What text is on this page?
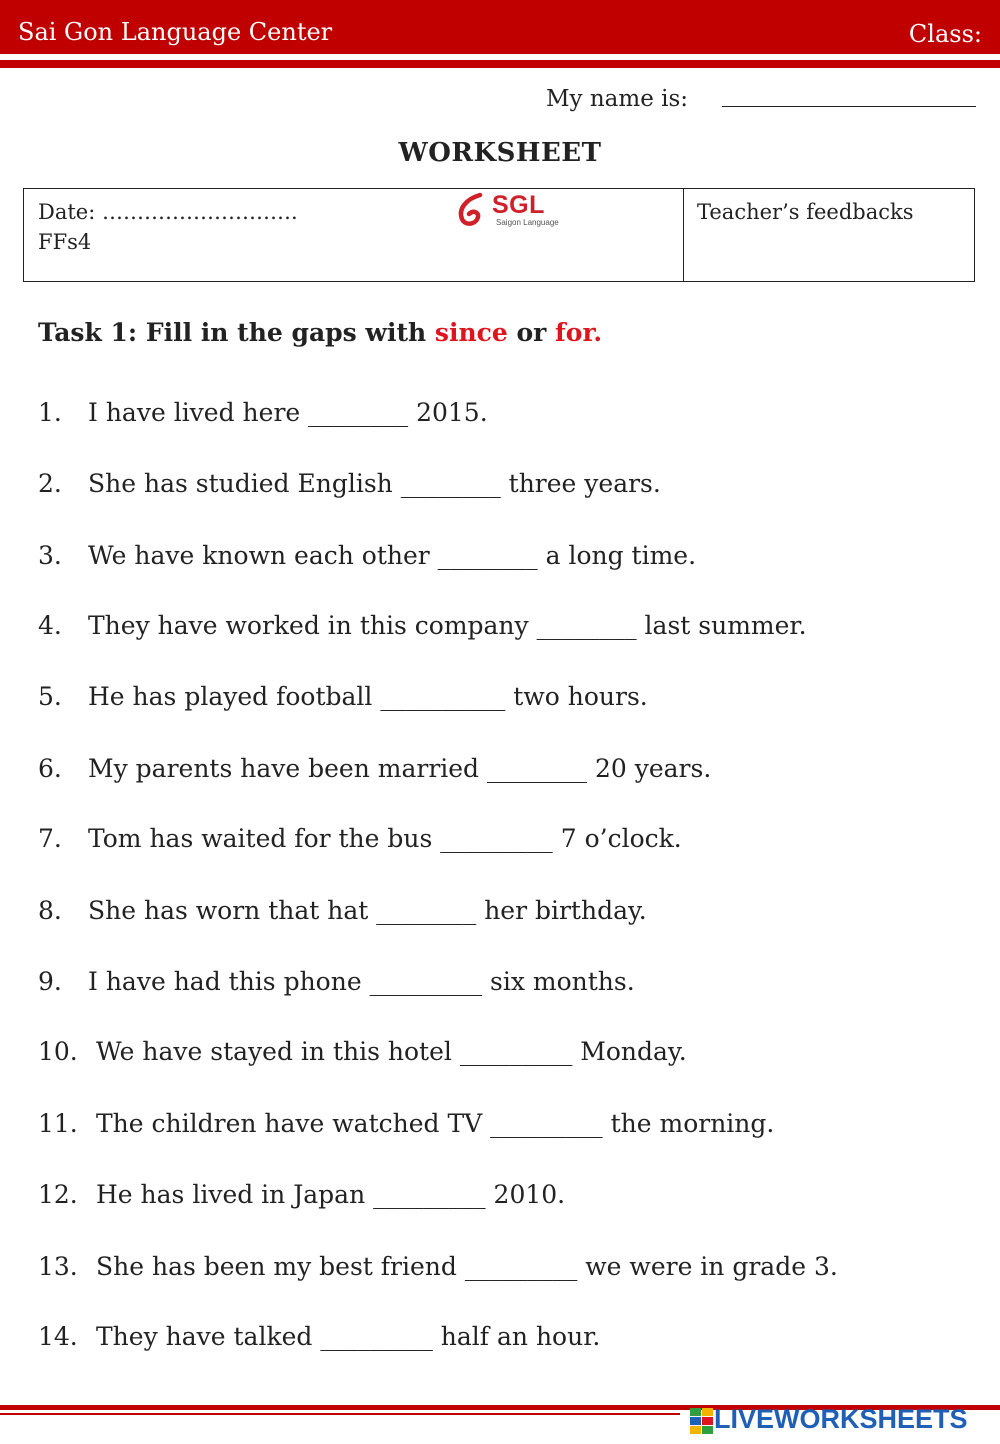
Sai Gon Language Center	Class:
My name is:
WORKSHEET
Date: ……………………….
FFs4
Teacher’s feedbacks
SGL
Saigon Language
Task 1: Fill in the gaps with since or for.
1. I have lived here ________ 2015.
2. She has studied English ________ three years.
3. We have known each other ________ a long time.
4. They have worked in this company ________ last summer.
5. He has played football __________ two hours.
6. My parents have been married ________ 20 years.
7. Tom has waited for the bus _________ 7 o’clock.
8. She has worn that hat ________ her birthday.
9. I have had this phone _________ six months.
10. We have stayed in this hotel _________ Monday.
11. The children have watched TV _________ the morning.
12. He has lived in Japan _________ 2010.
13. She has been my best friend _________ we were in grade 3.
14. They have talked _________ half an hour.
LIVEWORKSHEETS
